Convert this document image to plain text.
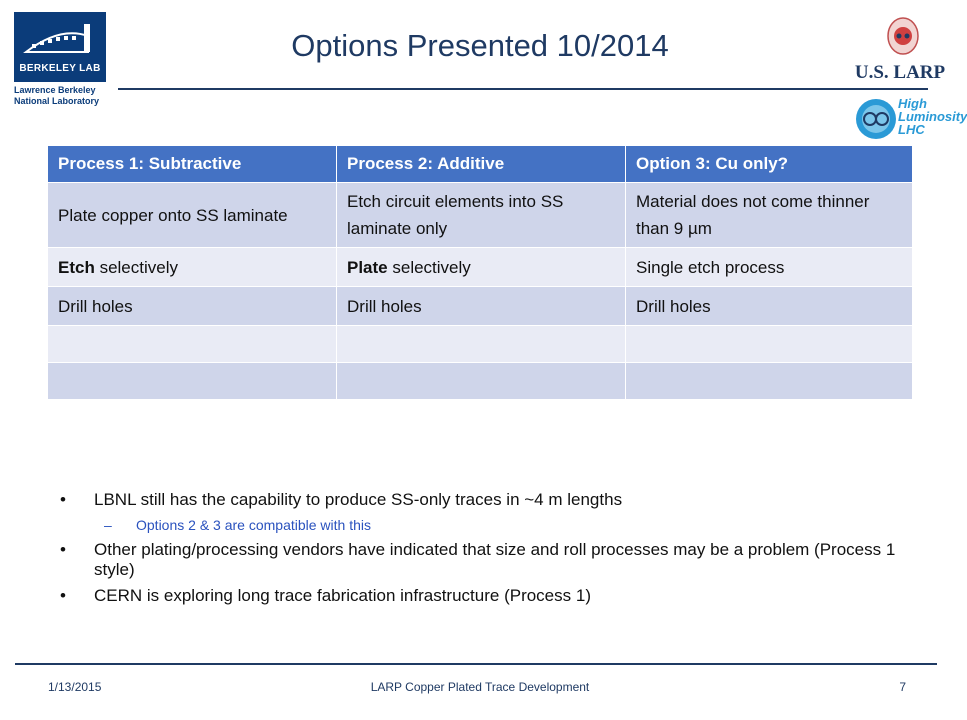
BERKELEY LAB
Lawrence Berkeley
National Laboratory
Options Presented 10/2014
U.S. LARP
High
Luminosity
LHC
Process 1: Subtractive	Process 2: Additive	Option 3: Cu only?
Plate copper onto SS laminate	Etch circuit elements into SS laminate only	Material does not come thinner than 9 µm
Etch selectively	Plate selectively	Single etch process
Drill holes	Drill holes	Drill holes

• LBNL still has the capability to produce SS-only traces in ~4 m lengths
– Options 2 & 3 are compatible with this
• Other plating/processing vendors have indicated that size and roll processes may be a problem (Process 1 style)
• CERN is exploring long trace fabrication infrastructure (Process 1)
1/13/2015	LARP Copper Plated Trace Development	7
